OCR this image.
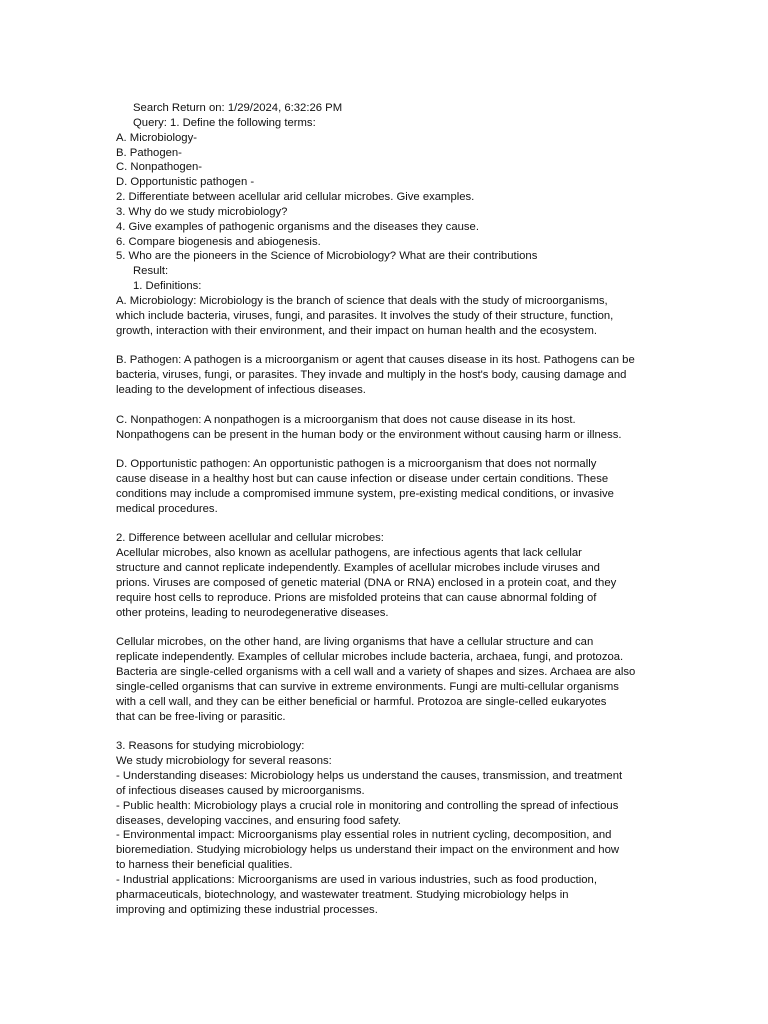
Search Return on: 1/29/2024, 6:32:26 PM
Query: 1. Define the following terms:
A. Microbiology-
B. Pathogen-
C. Nonpathogen-
D. Opportunistic pathogen -
2. Differentiate between acellular arid cellular microbes. Give examples.
3. Why do we study microbiology?
4. Give examples of pathogenic organisms and the diseases they cause.
6. Compare biogenesis and abiogenesis.
5. Who are the pioneers in the Science of Microbiology? What are their contributions
Result:
1. Definitions:
A. Microbiology: Microbiology is the branch of science that deals with the study of microorganisms,
which include bacteria, viruses, fungi, and parasites. It involves the study of their structure, function,
growth, interaction with their environment, and their impact on human health and the ecosystem.
B. Pathogen: A pathogen is a microorganism or agent that causes disease in its host. Pathogens can be
bacteria, viruses, fungi, or parasites. They invade and multiply in the host's body, causing damage and
leading to the development of infectious diseases.
C. Nonpathogen: A nonpathogen is a microorganism that does not cause disease in its host.
Nonpathogens can be present in the human body or the environment without causing harm or illness.
D. Opportunistic pathogen: An opportunistic pathogen is a microorganism that does not normally
cause disease in a healthy host but can cause infection or disease under certain conditions. These
conditions may include a compromised immune system, pre-existing medical conditions, or invasive
medical procedures.
2. Difference between acellular and cellular microbes:
Acellular microbes, also known as acellular pathogens, are infectious agents that lack cellular
structure and cannot replicate independently. Examples of acellular microbes include viruses and
prions. Viruses are composed of genetic material (DNA or RNA) enclosed in a protein coat, and they
require host cells to reproduce. Prions are misfolded proteins that can cause abnormal folding of
other proteins, leading to neurodegenerative diseases.
Cellular microbes, on the other hand, are living organisms that have a cellular structure and can
replicate independently. Examples of cellular microbes include bacteria, archaea, fungi, and protozoa.
Bacteria are single-celled organisms with a cell wall and a variety of shapes and sizes. Archaea are also
single-celled organisms that can survive in extreme environments. Fungi are multi-cellular organisms
with a cell wall, and they can be either beneficial or harmful. Protozoa are single-celled eukaryotes
that can be free-living or parasitic.
3. Reasons for studying microbiology:
We study microbiology for several reasons:
- Understanding diseases: Microbiology helps us understand the causes, transmission, and treatment
of infectious diseases caused by microorganisms.
- Public health: Microbiology plays a crucial role in monitoring and controlling the spread of infectious
diseases, developing vaccines, and ensuring food safety.
- Environmental impact: Microorganisms play essential roles in nutrient cycling, decomposition, and
bioremediation. Studying microbiology helps us understand their impact on the environment and how
to harness their beneficial qualities.
- Industrial applications: Microorganisms are used in various industries, such as food production,
pharmaceuticals, biotechnology, and wastewater treatment. Studying microbiology helps in
improving and optimizing these industrial processes.
